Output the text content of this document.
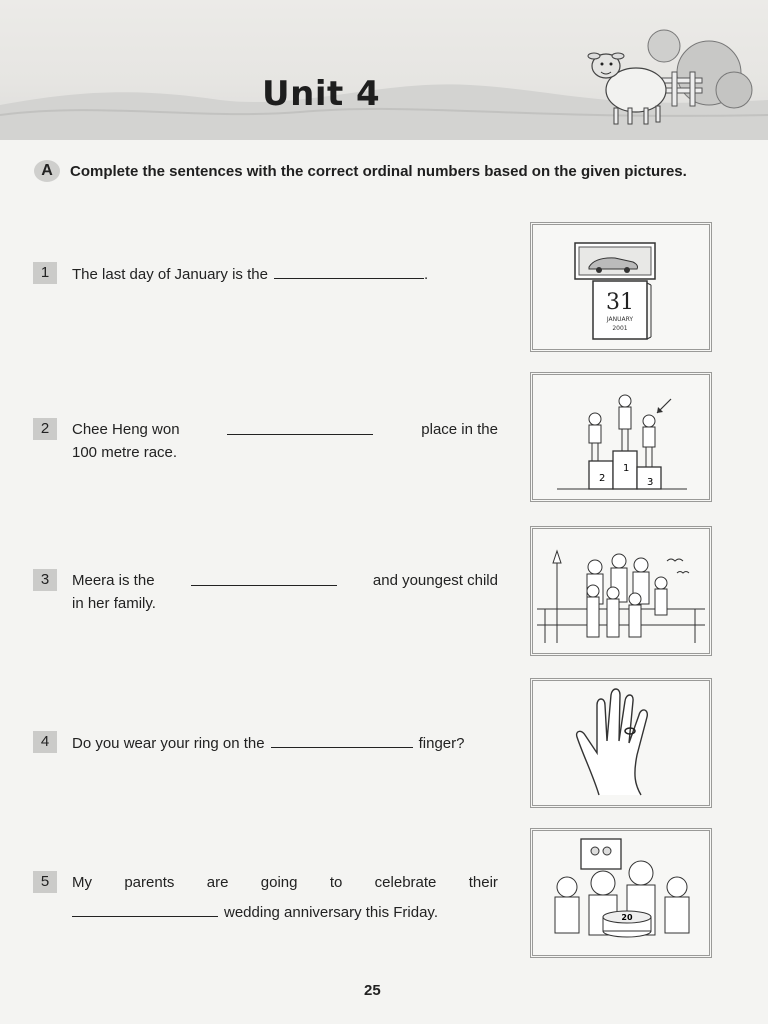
Unit 4
A	Complete the sentences with the correct ordinal numbers based on the given pictures.
1	The last day of January is the	.
2	Chee Heng won	place in the
100 metre race.
3	Meera is the	and youngest child
in her family.
4	Do you wear your ring on the	finger?
5	My parents are going to celebrate their
wedding anniversary this Friday.
31
JANUARY
2001
2
1
3
20
25
